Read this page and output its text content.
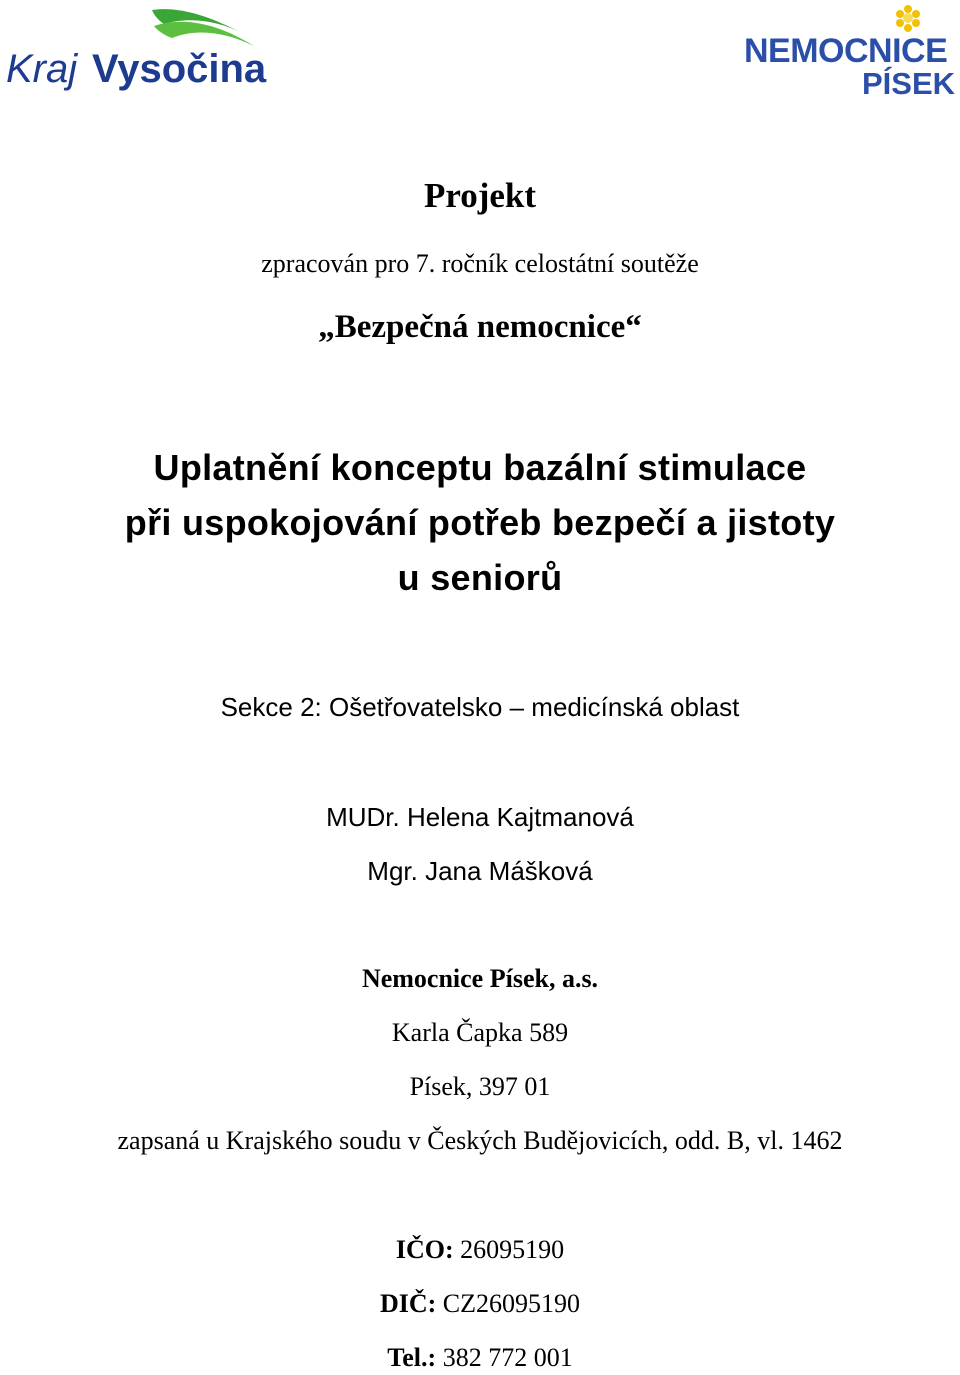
Kraj Vysočina	NEMOCNICE
PÍSEK
Projekt
zpracován pro 7. ročník celostátní soutěže
„Bezpečná nemocnice“
Uplatnění konceptu bazální stimulace
při uspokojování potřeb bezpečí a jistoty
u seniorů
Sekce 2: Ošetřovatelsko – medicínská oblast
MUDr. Helena Kajtmanová
Mgr. Jana Mášková
Nemocnice Písek, a.s.
Karla Čapka 589
Písek, 397 01
zapsaná u Krajského soudu v Českých Budějovicích, odd. B, vl. 1462
IČO: 26095190
DIČ: CZ26095190
Tel.: 382 772 001
